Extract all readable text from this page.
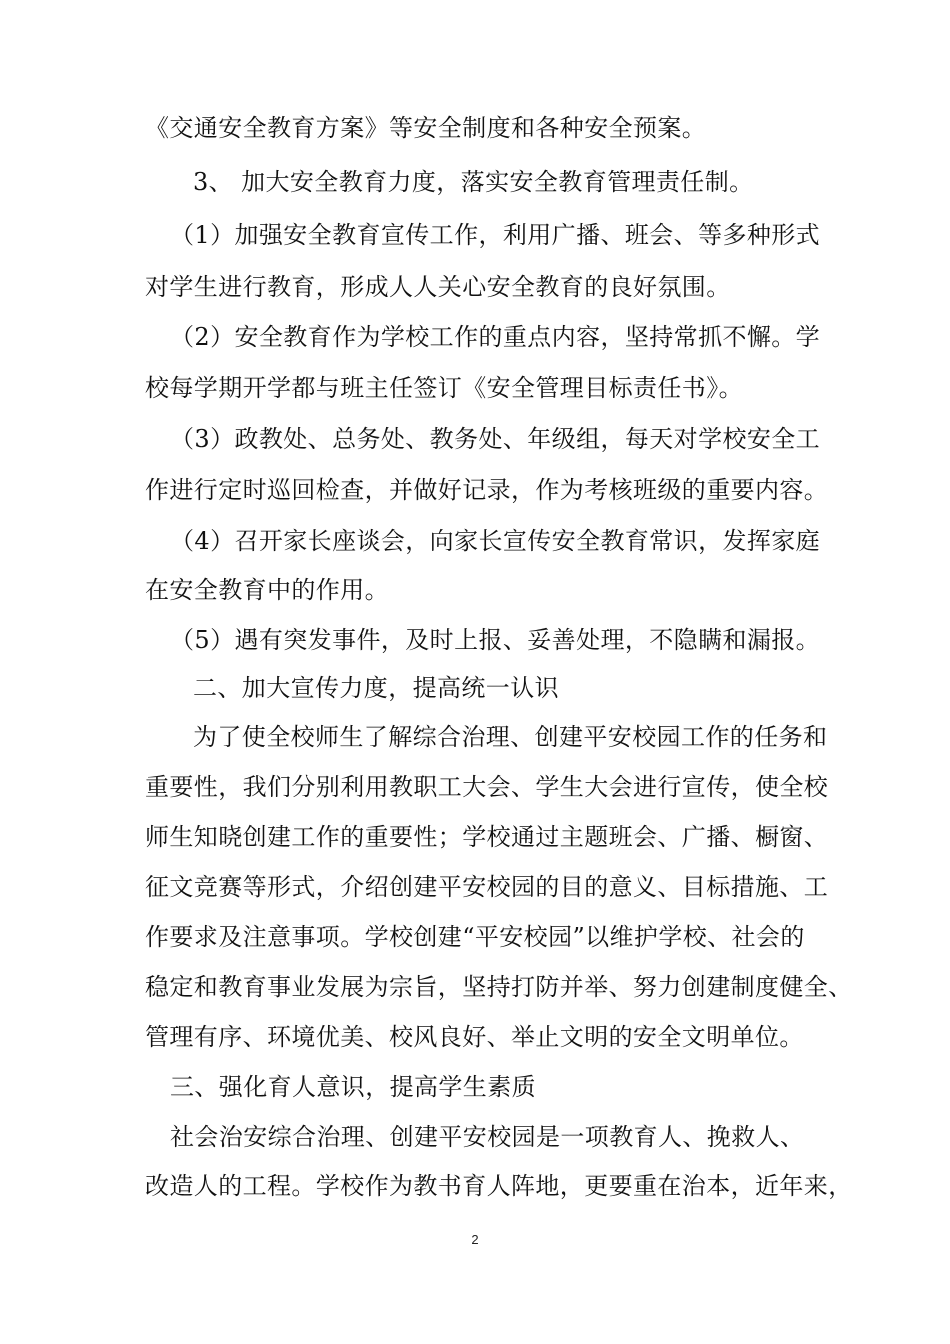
《交通安全教育方案》等安全制度和各种安全预案。
3、 加大安全教育力度，落实安全教育管理责任制。
（1）加强安全教育宣传工作，利用广播、班会、等多种形式
对学生进行教育，形成人人关心安全教育的良好氛围。
（2）安全教育作为学校工作的重点内容，坚持常抓不懈。学
校每学期开学都与班主任签订《安全管理目标责任书》。
（3）政教处、总务处、教务处、年级组，每天对学校安全工
作进行定时巡回检查，并做好记录，作为考核班级的重要内容。
（4）召开家长座谈会，向家长宣传安全教育常识，发挥家庭
在安全教育中的作用。
（5）遇有突发事件，及时上报、妥善处理，不隐瞒和漏报。
二、加大宣传力度，提高统一认识
为了使全校师生了解综合治理、创建平安校园工作的任务和
重要性，我们分别利用教职工大会、学生大会进行宣传，使全校
师生知晓创建工作的重要性；学校通过主题班会、广播、橱窗、
征文竞赛等形式，介绍创建平安校园的目的意义、目标措施、工
作要求及注意事项。学校创建“平安校园”以维护学校、社会的
稳定和教育事业发展为宗旨，坚持打防并举、努力创建制度健全、
管理有序、环境优美、校风良好、举止文明的安全文明单位。
三、强化育人意识，提高学生素质
社会治安综合治理、创建平安校园是一项教育人、挽救人、
改造人的工程。学校作为教书育人阵地，更要重在治本，近年来，
2
